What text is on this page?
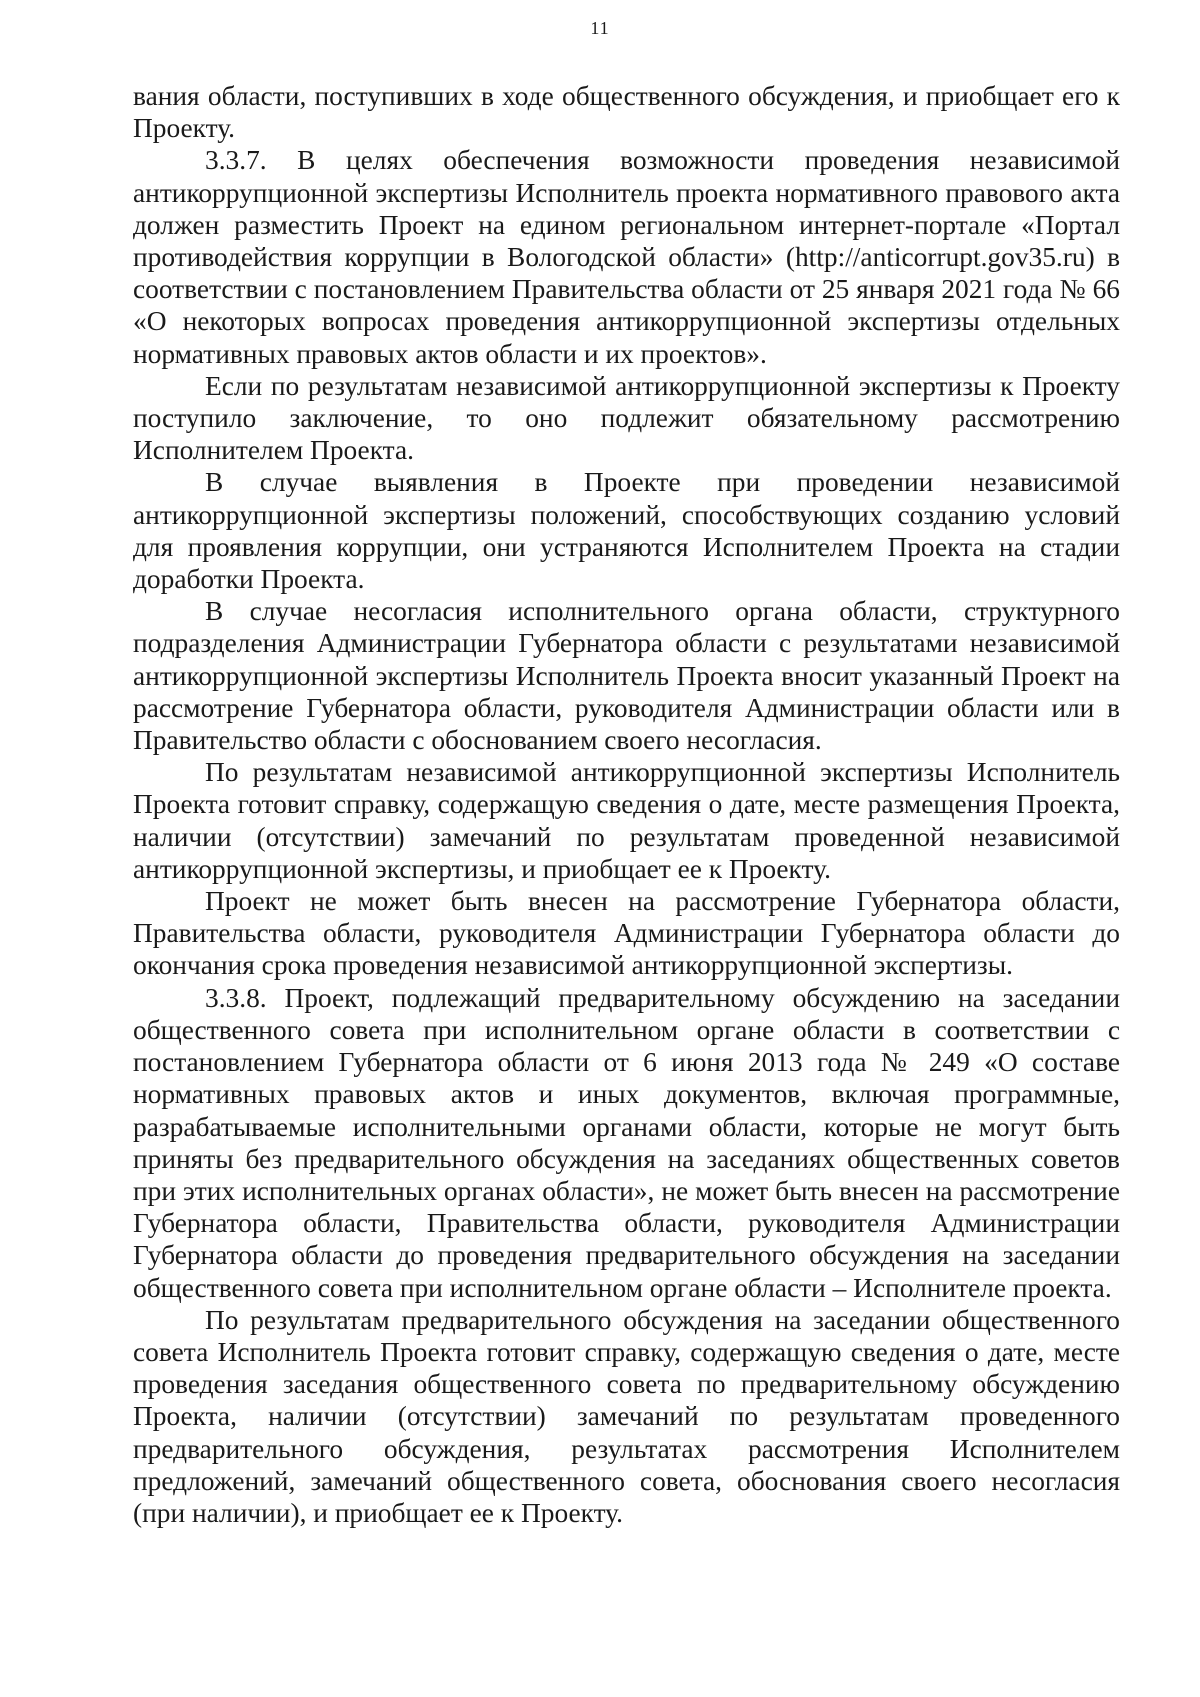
11

вания области, поступивших в ходе общественного обсуждения, и приобщает его к Проекту.

3.3.7. В целях обеспечения возможности проведения независимой антикоррупционной экспертизы Исполнитель проекта нормативного правового акта должен разместить Проект на едином региональном интернет-портале «Портал противодействия коррупции в Вологодской области» (http://anticorrupt.gov35.ru) в соответствии с постановлением Правительства области от 25 января 2021 года № 66 «О некоторых вопросах проведения антикоррупционной экспертизы отдельных нормативных правовых актов области и их проектов».

Если по результатам независимой антикоррупционной экспертизы к Проекту поступило заключение, то оно подлежит обязательному рассмотрению Исполнителем Проекта.

В случае выявления в Проекте при проведении независимой антикоррупционной экспертизы положений, способствующих созданию условий для проявления коррупции, они устраняются Исполнителем Проекта на стадии доработки Проекта.

В случае несогласия исполнительного органа области, структурного подразделения Администрации Губернатора области с результатами независимой антикоррупционной экспертизы Исполнитель Проекта вносит указанный Проект на рассмотрение Губернатора области, руководителя Администрации области или в Правительство области с обоснованием своего несогласия.

По результатам независимой антикоррупционной экспертизы Исполнитель Проекта готовит справку, содержащую сведения о дате, месте размещения Проекта, наличии (отсутствии) замечаний по результатам проведенной независимой антикоррупционной экспертизы, и приобщает ее к Проекту.

Проект не может быть внесен на рассмотрение Губернатора области, Правительства области, руководителя Администрации Губернатора области до окончания срока проведения независимой антикоррупционной экспертизы.

3.3.8. Проект, подлежащий предварительному обсуждению на заседании общественного совета при исполнительном органе области в соответствии с постановлением Губернатора области от 6 июня 2013 года № 249 «О составе нормативных правовых актов и иных документов, включая программные, разрабатываемые исполнительными органами области, которые не могут быть приняты без предварительного обсуждения на заседаниях общественных советов при этих исполнительных органах области», не может быть внесен на рассмотрение Губернатора области, Правительства области, руководителя Администрации Губернатора области до проведения предварительного обсуждения на заседании общественного совета при исполнительном органе области – Исполнителе проекта.

По результатам предварительного обсуждения на заседании общественного совета Исполнитель Проекта готовит справку, содержащую сведения о дате, месте проведения заседания общественного совета по предварительному обсуждению Проекта, наличии (отсутствии) замечаний по результатам проведенного предварительного обсуждения, результатах рассмотрения Исполнителем предложений, замечаний общественного совета, обоснования своего несогласия (при наличии), и приобщает ее к Проекту.
